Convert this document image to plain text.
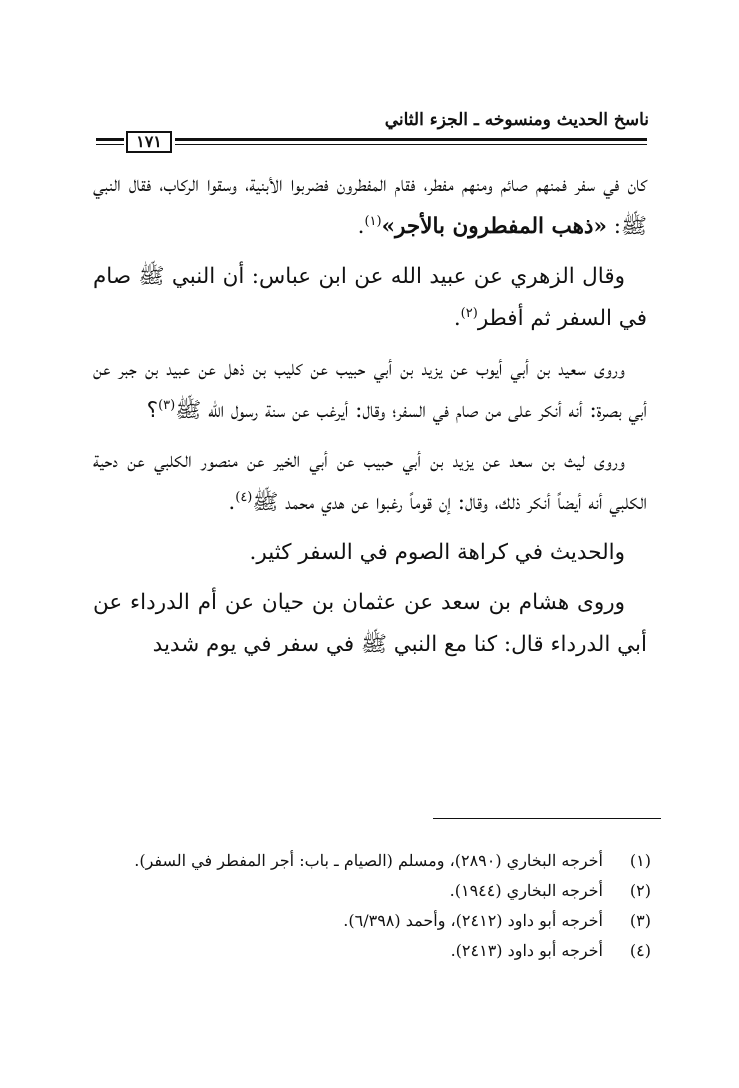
ناسخ الحديث ومنسوخه ـ الجزء الثاني
١٧١

كان في سفر فمنهم صائم ومنهم مفطر، فقام المفطرون فضربوا الأبنية، وسقوا الركاب، فقال النبي ﷺ: «ذهب المفطرون بالأجر»$^{(١)}$.

وقال الزهري عن عبيد الله عن ابن عباس: أن النبي ﷺ صام في السفر ثم أفطر$^{(٢)}$.

وروى سعيد بن أبي أيوب عن يزيد بن أبي حبيب عن كليب بن ذهل عن عبيد بن جبر عن أبي بصرة: أنه أنكر على من صام في السفر؛ وقال: أيرغب عن سنة رسول الله ﷺ$^{(٣)}$؟

وروى ليث بن سعد عن يزيد بن أبي حبيب عن أبي الخير عن منصور الكلبي عن دحية الكلبي أنه أيضاً أنكر ذلك، وقال: إن قوماً رغبوا عن هدي محمد ﷺ$^{(٤)}$.

والحديث في كراهة الصوم في السفر كثير.

وروى هشام بن سعد عن عثمان بن حيان عن أم الدرداء عن أبي الدرداء قال: كنا مع النبي ﷺ في سفر في يوم شديد

(١)
أخرجه البخاري (٢٨٩٠)، ومسلم (الصيام ـ باب: أجر المفطر في السفر).
(٢)
أخرجه البخاري (١٩٤٤).
(٣)
أخرجه أبو داود (٢٤١٢)، وأحمد (٦/٣٩٨).
(٤)
أخرجه أبو داود (٢٤١٣).
